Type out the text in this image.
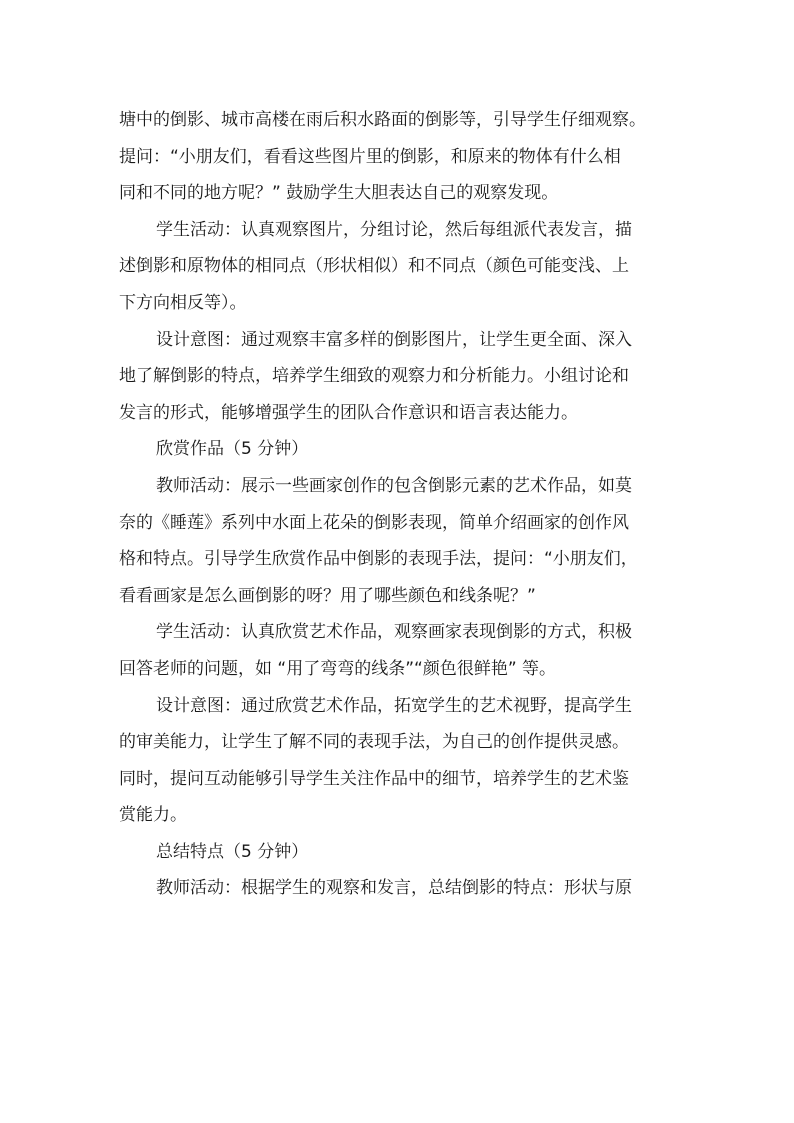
塘中的倒影、城市高楼在雨后积水路面的倒影等，引导学生仔细观察。
提问：“小朋友们，看看这些图片里的倒影，和原来的物体有什么相
同和不同的地方呢？” 鼓励学生大胆表达自己的观察发现。
学生活动：认真观察图片，分组讨论，然后每组派代表发言，描
述倒影和原物体的相同点（形状相似）和不同点（颜色可能变浅、上
下方向相反等）。
设计意图：通过观察丰富多样的倒影图片，让学生更全面、深入
地了解倒影的特点，培养学生细致的观察力和分析能力。小组讨论和
发言的形式，能够增强学生的团队合作意识和语言表达能力。
欣赏作品（5 分钟）
教师活动：展示一些画家创作的包含倒影元素的艺术作品，如莫
奈的《睡莲》系列中水面上花朵的倒影表现，简单介绍画家的创作风
格和特点。引导学生欣赏作品中倒影的表现手法，提问：“小朋友们，
看看画家是怎么画倒影的呀？用了哪些颜色和线条呢？”
学生活动：认真欣赏艺术作品，观察画家表现倒影的方式，积极
回答老师的问题，如 “用了弯弯的线条”“颜色很鲜艳” 等。
设计意图：通过欣赏艺术作品，拓宽学生的艺术视野，提高学生
的审美能力，让学生了解不同的表现手法，为自己的创作提供灵感。
同时，提问互动能够引导学生关注作品中的细节，培养学生的艺术鉴
赏能力。
总结特点（5 分钟）
教师活动：根据学生的观察和发言，总结倒影的特点：形状与原
